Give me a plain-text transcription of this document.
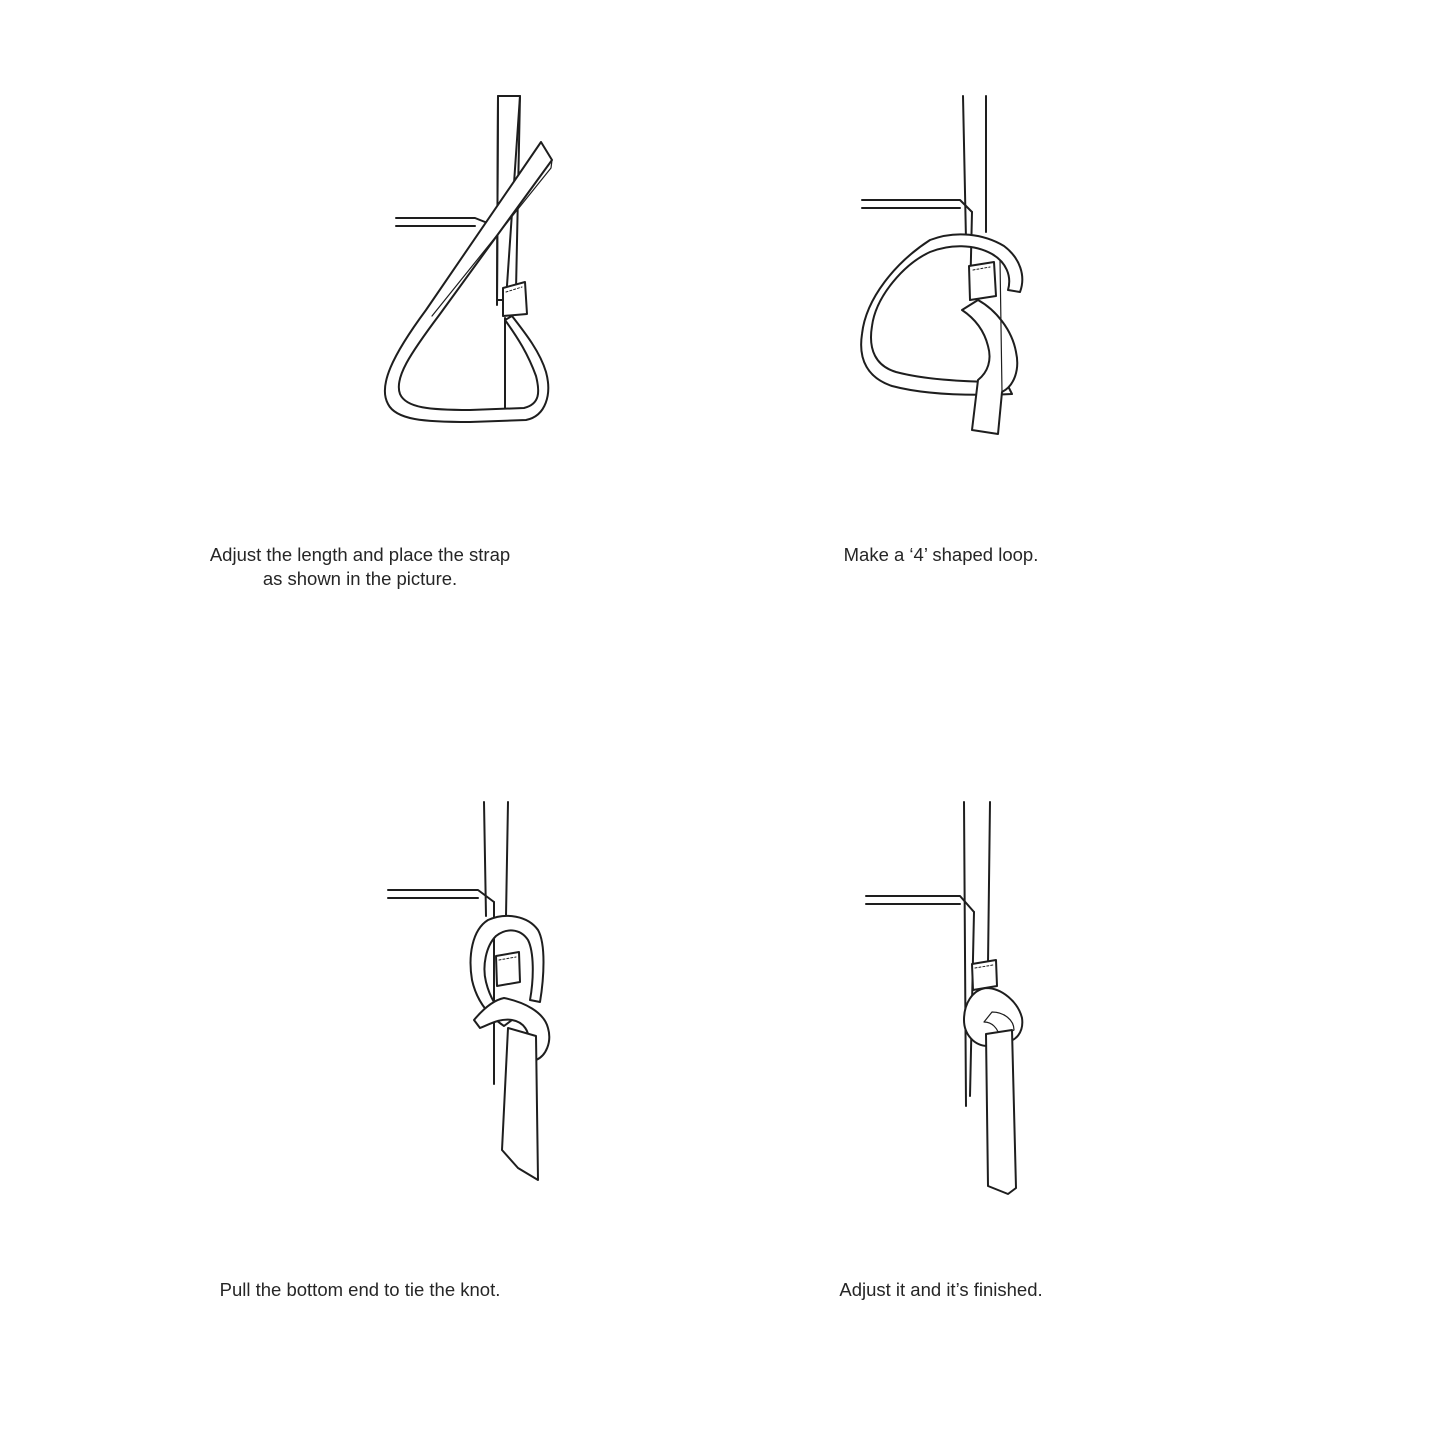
Adjust the length and place the strap
as shown in the picture.
Make a ‘4’ shaped loop.
Pull the bottom end to tie the knot.	Adjust it and it’s finished.
